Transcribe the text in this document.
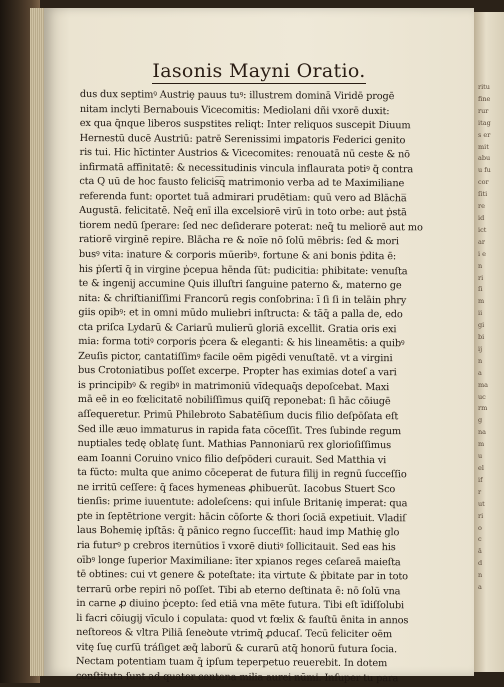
ritu
fine
rur
itag
s er
mit
abu
u fu
cor
ſiti
re
id
ict
ar
i e
n
ri
ſi
m
ii
gi
bi
ij
n
a
ma
uc
rm
g
na
m
u
el
if
r
ut
ri
o
c
ā
d
n
a
Iasonis Mayni Oratio.
dus dux septimꝰ Austriȩ pauus tuꝰ: illustrem dominā Viridē progē
nitam inclyti Bernabouis Vicecomitis: Mediolani dñi vxorē duxit:
ex qua q̄nque liberos suspstites reliqt: Inter reliquos suscepit Diuum
Hernestū ducē Austriū: patrē Serenissimi imꝑatoris Federici genito
ris tui. Hic hīctinter Austrios & Vicecomites: renouatā nū ceste & nō
infirmatā affinitatē: & necessitudinis vincula inflaurata potiꝰ q̄ contra
cta Q uū de hoc fausto felicis͡q matrimonio verba ad te Maximiliane
referenda funt: oportet tuā admirari prudētiam: quū vero ad Blācha̅
Augustā. felicitatē. Neq̄ enī illa excelsiorē virū in toto orbe: aut ṗstā
tiorem nedū ſperare: ſed nec deſiderare poterat: neq̄ tu meliorē aut mo
ratiorē virginē repire. Blācha re & noīe nō ſolū mēbris: ſed & mori
busꝰ vita: inature & corporis mūeribꝰ. fortune & ani bonis ṗdita ē:
his ṗſertī q̄ in virgine ṗcepua hēnda ſūt: pudicitia: phibitate: venuſta
te & ingenij accumine Quis illuſtri ſanguine paterno &, materno ge
nita: & chriſtianiſſimi Francorū regis conſobrina: ī ſi ſi in telāin phry
giis opibꝰ: et in omni mūdo muliebri inſtructa: & tāq̄ a palla de, edo
cta priſca Lydarū & Cariarū mulierū gloriā excellit. Gratia oris exi
mia: forma totiꝰ corporis ṗcera & eleganti: & his lineamētis: a quibꝰ
Zeuſis pictor, cantatiſſimꝰ facile oēm pigēdi venuſtatē. vt a virgini
bus Crotoniatibus poſſet excerpe. Propter has eximias doteſ a vari
is principibꝰ & regibꝰ in matrimoniū vīdequaq̄s depoſcebat. Maxi
mā eē in eo fœlicitatē nobiliſſimus quiſq̄ reponebat: ſi hāc cōiugē
aſſequeretur. Primū Philebroto Sabatēſium ducis filio deſpōſata eſt
Sed ille æuo immaturus in rapida fata cōceſſit. Tres ſubinde regum
nuptiales tedę oblatę ſunt. Mathias Pannoniarū rex glorioſiſſimus
eam Ioanni Coruino vnico filio deſpōderi curauit. Sed Matthia vi
ta fūcto: multa que animo cōceperat de futura filij in regnū ſucceſſio
ne irritū ceſſere: q̄ faces hymeneas ꝓhibuerūt. Iacobus Stuert Sco
tienſis: prime iuuentute: adoleſcens: qui inſule Britanię imperat: qua
pte in ſeptētrione vergit: hācin cōſorte & thori ſociā expetiuit. Vladiſ
laus Bohemię ipſtās: q̄ pānico regno ſucceſſit: haud imp Mathię glo
ria futurꝰ p crebros iternūtios ī vxorē diutiꝰ ſollicitauit. Sed eas his
oībꝰ longe ſuperior Maximiliane: īter xpianos reges ceſareā maieſta
tē obtines: cui vt genere & poteſtate: ita virtute & ṗbitate par in toto
terrarū orbe repiri nō poſſet. Tibi ab eterno deſtinata ē: nō ſolū vna
in carne ꝓ diuino ṗcepto: ſed etiā vna mēte futura. Tibi eſt īdiſſolubi
li facri cōiugij vīculo i copulata: quod vt fœlix & fauſtū ēnita in annos
neſtoreos & vltra Piliā ſeneꝺute vtrimq̄ ꝓducaſ. Tecū feliciter oēm
vitę ſuę curſū tráſiget æq̄ laborū & curarū atq̄ honorū futura ſocia.
Nectam potentiam tuam q̄ ipſum teperpetuo reuerebit. In dotem
conſtituta ſunt ad quater centena milia aurei nūmi. Inſuper tu para
